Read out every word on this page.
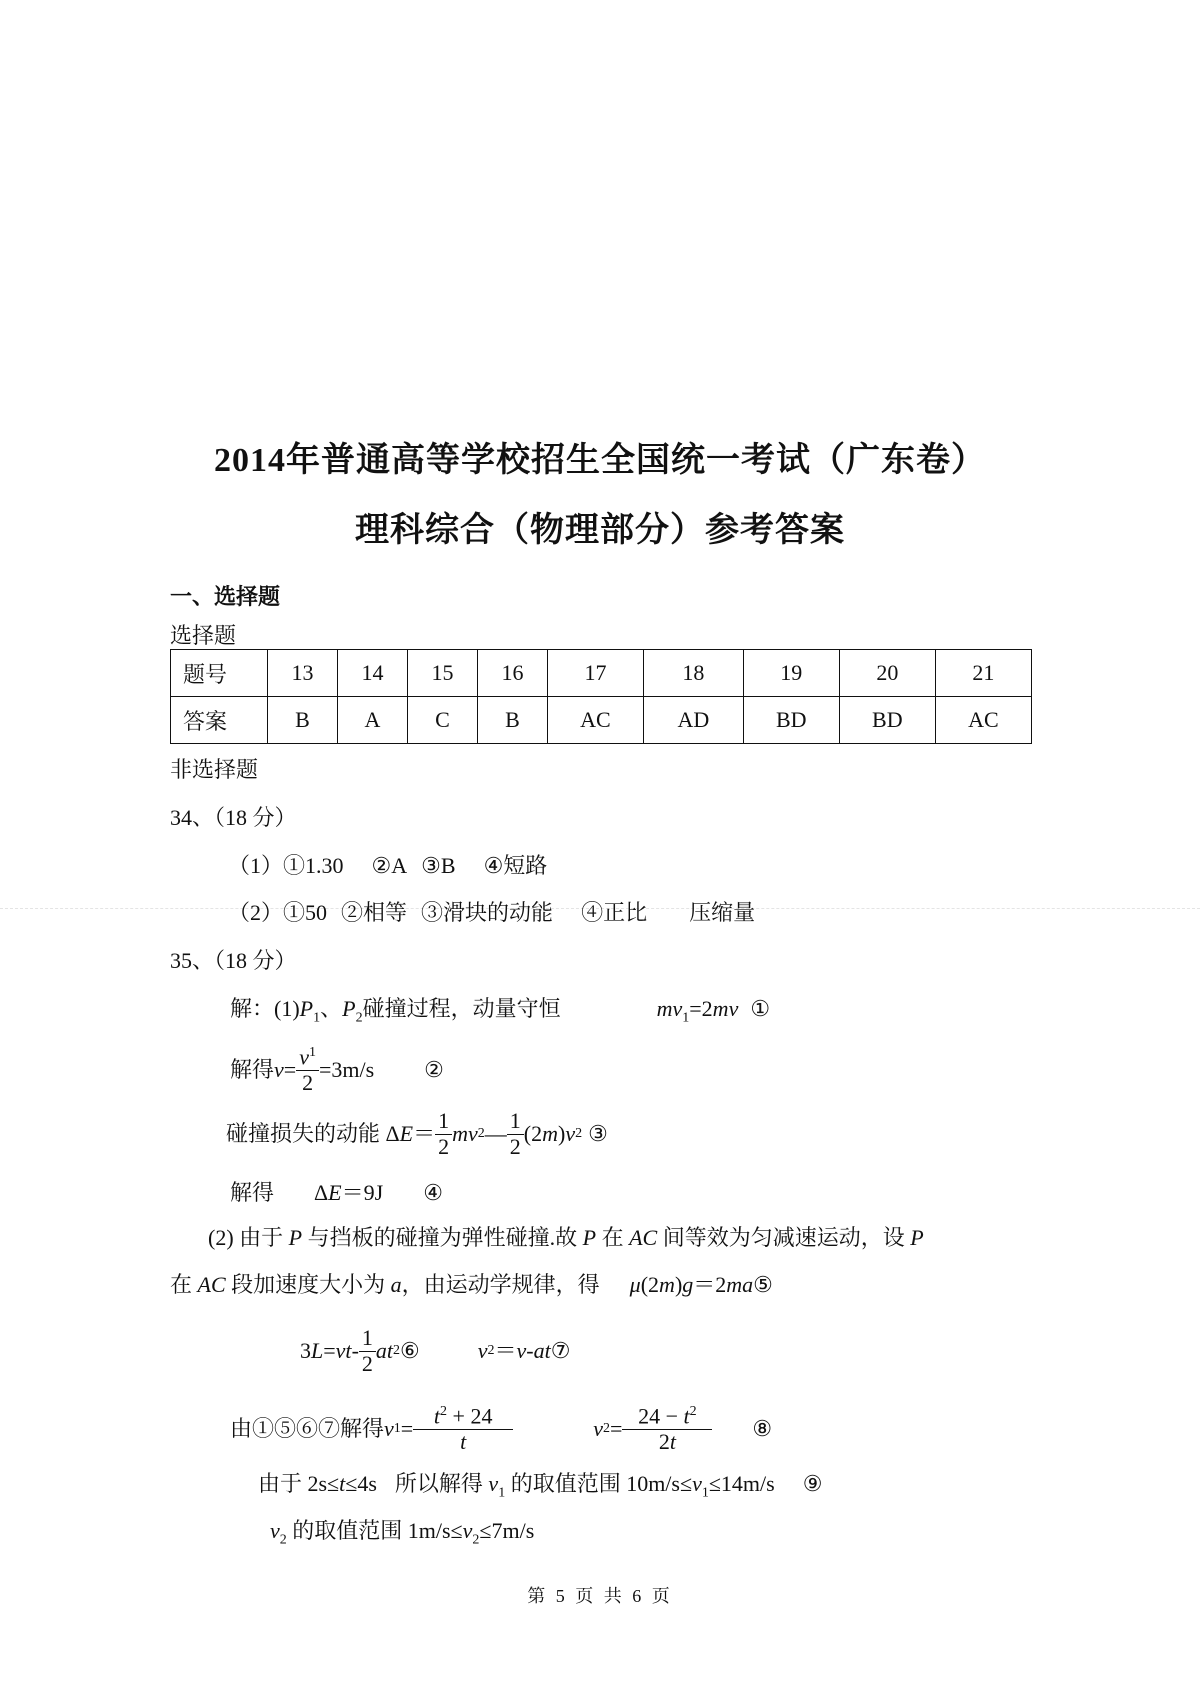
2014年普通高等学校招生全国统一考试（广东卷）
理科综合（物理部分）参考答案
一、选择题
选择题
题号	13	14	15	16	17	18	19	20	21
答案	B	A	C	B	AC	AD	BD	BD	AC
非选择题
34、（18 分）
（1）①1.30 ②A ③B ④短路
（2）①50 ②相等 ③滑块的动能 ④正比 压缩量
35、（18 分）
解：$(1)P_1$、$P_2$碰撞过程，动量守恒	$mv_1=2mv$ ①
解得 $v = \frac{v^1}{2} =3m/s$ ②
碰撞损失的动能 Δ $E = \frac{1}{2}$ m v 2 — $\frac{1}{2} (2$ m ) v 2 ③
解得 ΔE＝9J ④
(2) 由于 P 与挡板的碰撞为弹性碰撞.故 P 在 AC 间等效为匀减速运动，设 P
在 AC 段加速度大小为 a，由运动学规律，得 μ(2m)g＝2ma⑤
3 L = vt - $\frac{1}{2}$ at 2 ⑥	v 2 ＝ v - at ⑦
由①⑤⑥⑦解得 v $1 = \frac{t^2 + 24}{t}$	v $2 = \frac{24 - t^2}{2t}$ ⑧
由于 2s≤t≤4s 所以解得 $v_1$ 的取值范围 $10m/s\le v_1\le 14m/s$ ⑨
$v_2$ 的取值范围 $1m/s\le v_2\le 7m/s$
第 5 页 共 6 页
